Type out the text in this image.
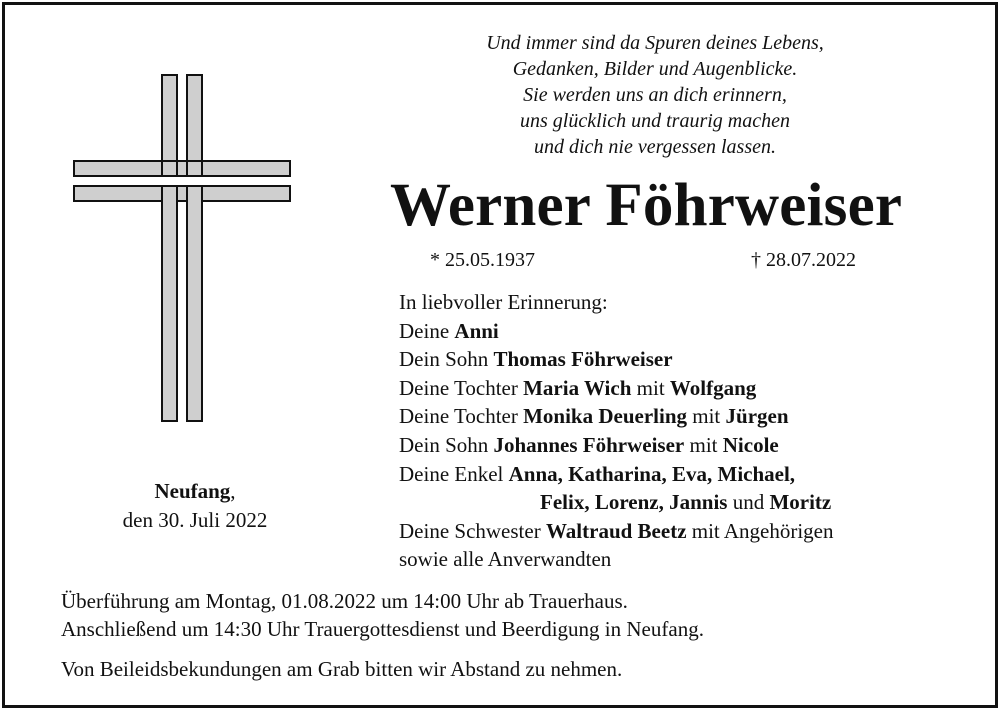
Und immer sind da Spuren deines Lebens,
Gedanken, Bilder und Augenblicke.
Sie werden uns an dich erinnern,
uns glücklich und traurig machen
und dich nie vergessen lassen.
Werner Föhrweiser
* 25.05.1937	† 28.07.2022
In liebvoller Erinnerung:
Deine Anni
Dein Sohn Thomas Föhrweiser
Deine Tochter Maria Wich mit Wolfgang
Deine Tochter Monika Deuerling mit Jürgen
Dein Sohn Johannes Föhrweiser mit Nicole
Deine Enkel Anna, Katharina, Eva, Michael,
Felix, Lorenz, Jannis und Moritz
Deine Schwester Waltraud Beetz mit Angehörigen
sowie alle Anverwandten
Neufang,
den 30. Juli 2022
Überführung am Montag, 01.08.2022 um 14:00 Uhr ab Trauerhaus.
Anschließend um 14:30 Uhr Trauergottesdienst und Beerdigung in Neufang.
Von Beileidsbekundungen am Grab bitten wir Abstand zu nehmen.
